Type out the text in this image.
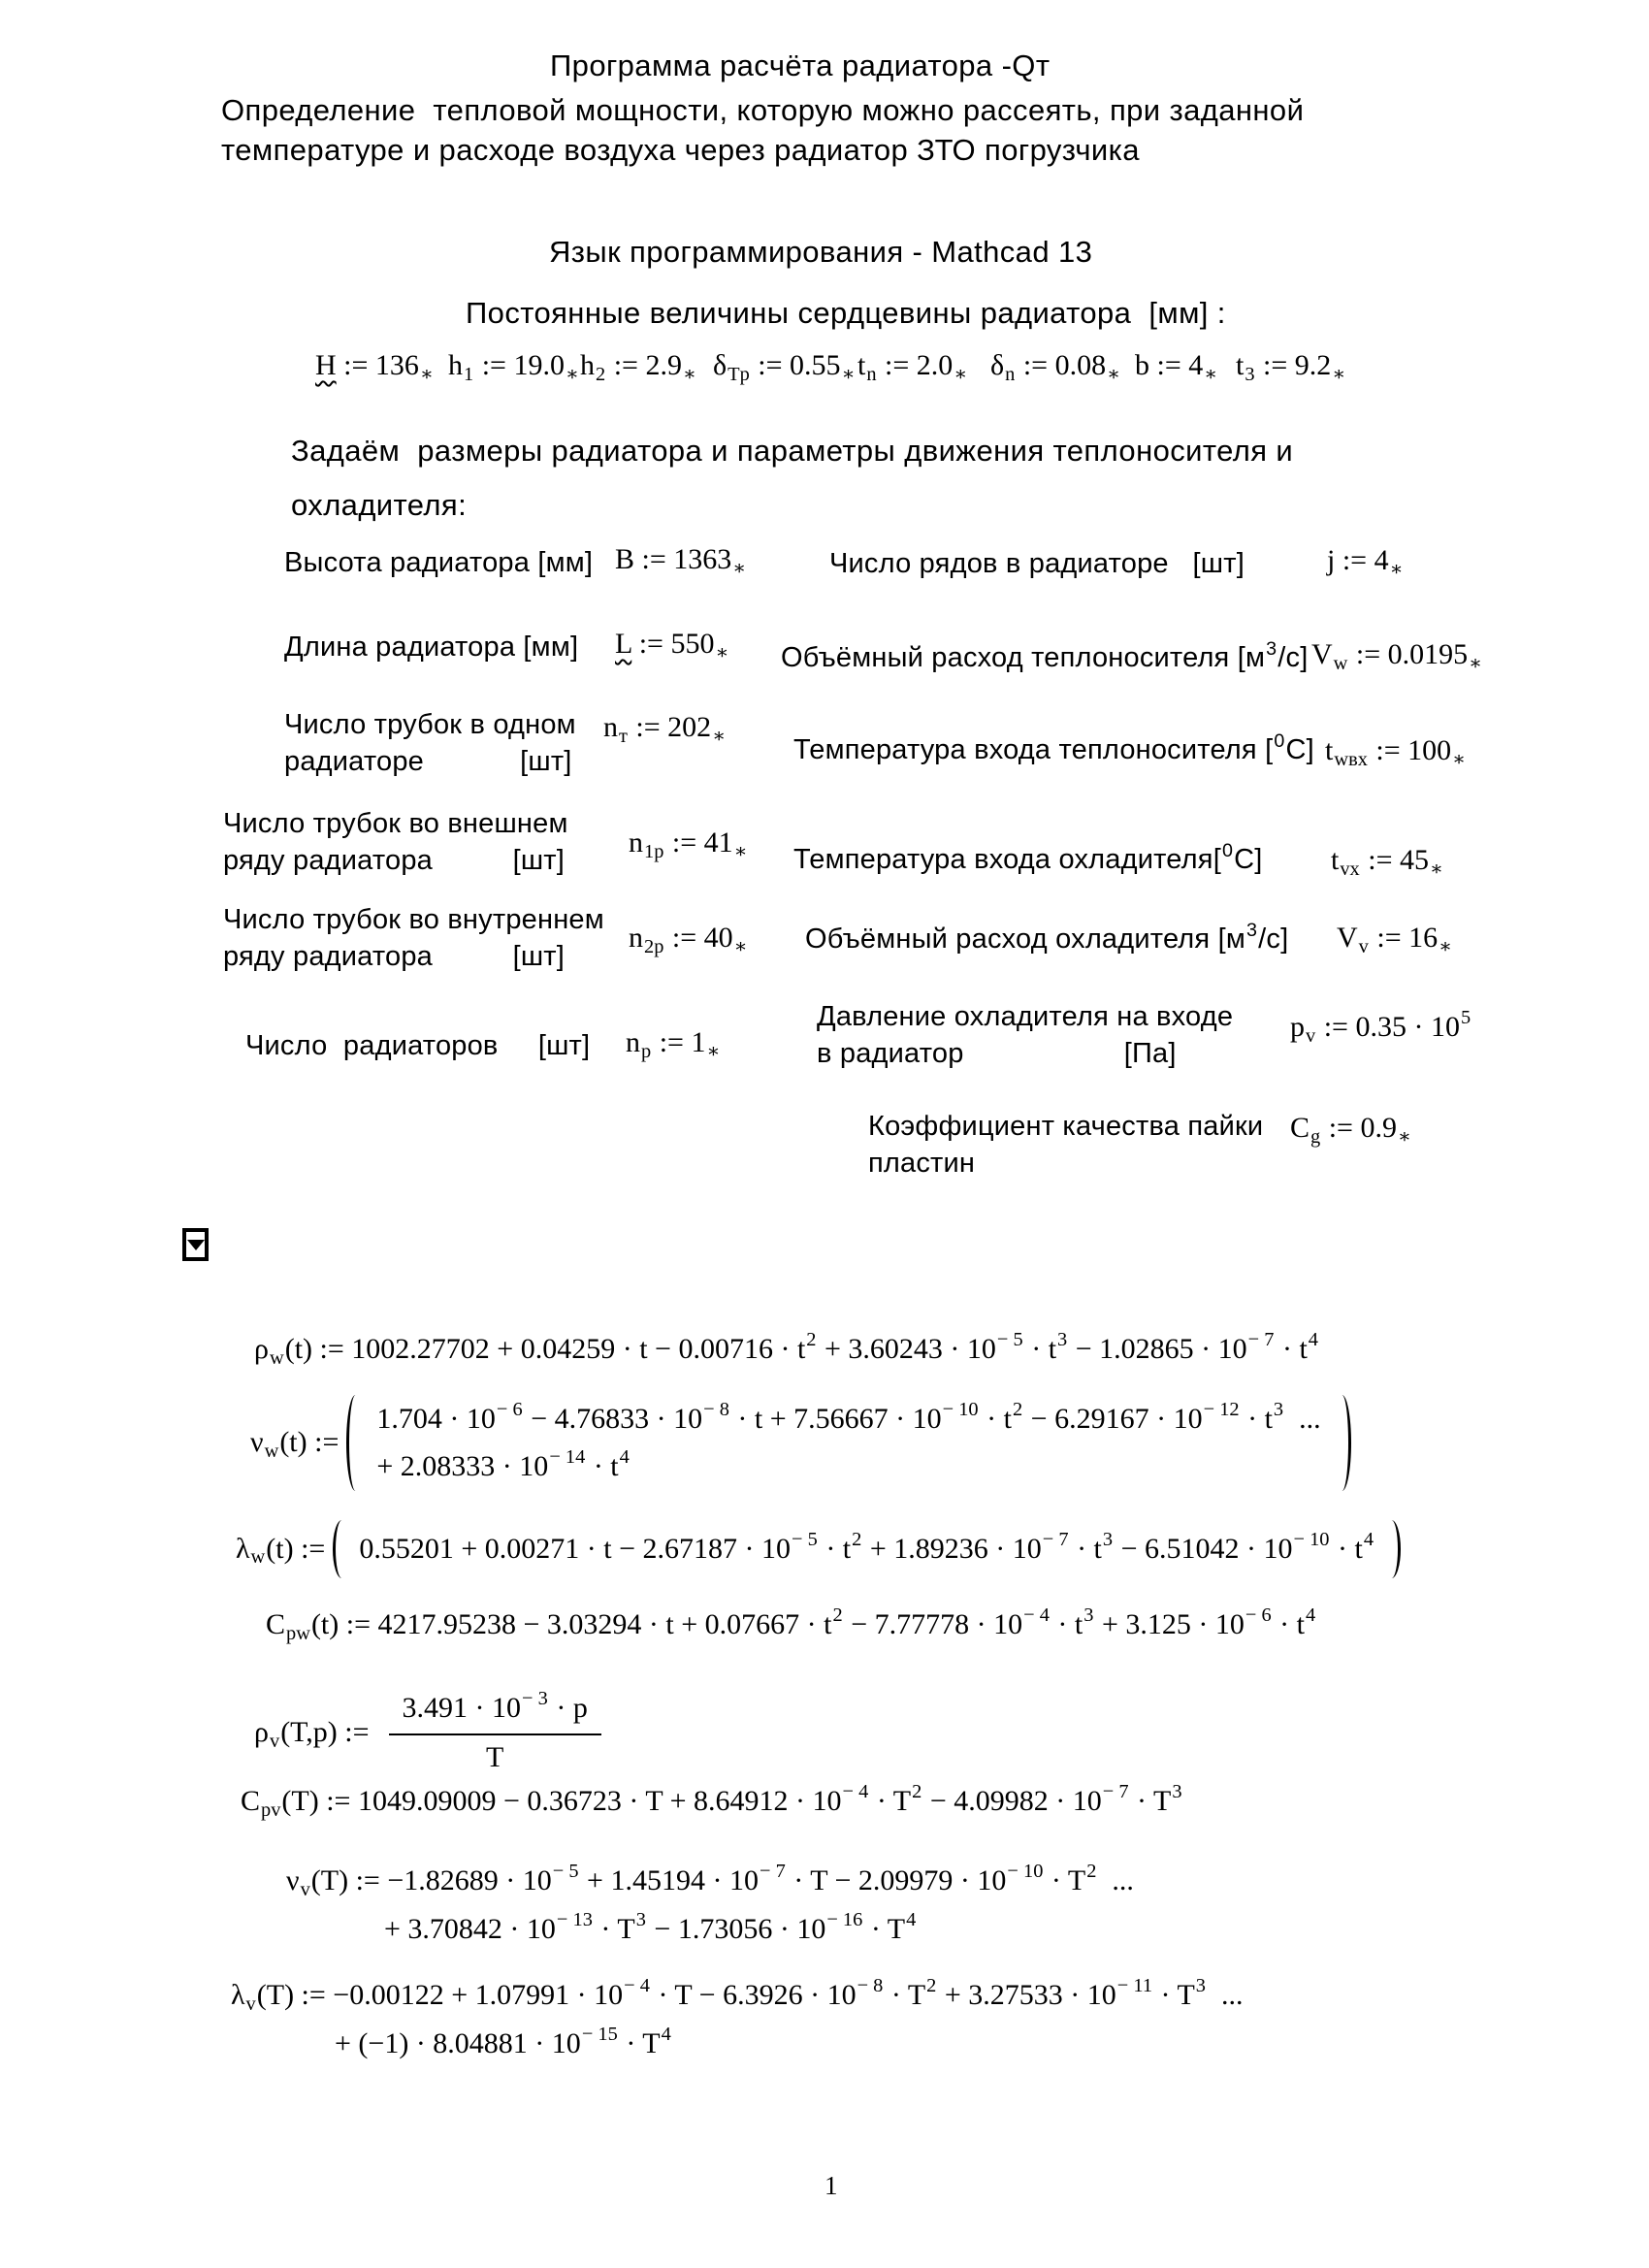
Программа расчёта радиатора -Qт
Определение  тепловой мощности, которую можно рассеять, при заданной
температуре и расходе воздуха через радиатор ЗТО погрузчика
Язык программирования - Mathcad 13
Постоянные величины сердцевины радиатора  [мм] :
H := $136_∗$ $h_1$ := $19.0_∗$ $h_2$ := $2.9_∗$ $\delta_{Tp}$ := $0.55_∗$ $t_n$ := $2.0_∗$ $\delta_n$ := $0.08_∗$ b := $4_∗$ $t_3$ := $9.2_∗$
Задаём  размеры радиатора и параметры движения теплоносителя и
охладителя:
Высота радиатора [мм] B := $1363_∗$
Длина радиатора [мм] L := $550_∗$
Число трубок в одном
радиаторе            [шт]
$n_т$ := $202_∗$
Число трубок во внешнем
ряду радиатора          [шт]
$n_{1р}$ := $41_∗$
Число трубок во внутреннем
ряду радиатора          [шт]
$n_{2р}$ := $40_∗$
Число  радиаторов     [шт] $n_р$ := $1_∗$
Число рядов в радиаторе   [шт]	j := $4_∗$
Объёмный расход теплоносителя $[м^3/с]$ $V_w$ := $0.0195_∗$
Температура входа теплоносителя [$^0$С] $t_{wвх}$ := $100_∗$
Температура входа охладителя[$^0$С] $t_{vx}$ := $45_∗$
Объёмный расход охладителя $[м^3/с]$ $V_v$ := $16_∗$
Давление охладителя на входе
в радиатор                    [Па]
$p_v$ := $0.35 \cdot 10^5$
Коэффициент качества пайки
пластин
$C_g$ := $0.9_∗$
$\rho_w(t)$ := $1002.27702 + 0.04259 \cdot t - 0.00716 \cdot t^2 + 3.60243 \cdot 10^{- 5} \cdot t^3 - 1.02865 \cdot 10^{- 7} \cdot t^4$
$\nu_w(t)$ :=
$1.704 \cdot 10^{- 6} - 4.76833 \cdot 10^{- 8} \cdot t + 7.56667 \cdot 10^{- 10} \cdot t^2 - 6.29167 \cdot 10^{- 12} \cdot t^3$  ...
+ $2.08333 \cdot 10^{- 14} \cdot t^4$
$\lambda_w(t)$ := $0.55201 + 0.00271 \cdot t - 2.67187 \cdot 10^{- 5} \cdot t^2 + 1.89236 \cdot 10^{- 7} \cdot t^3 - 6.51042 \cdot 10^{- 10} \cdot t^4$
$C_{pw}(t)$ := $4217.95238 - 3.03294 \cdot t + 0.07667 \cdot t^2 - 7.77778 \cdot 10^{- 4} \cdot t^3 + 3.125 \cdot 10^{- 6} \cdot t^4$
$\rho_v(T,p)$ := $\frac{3.491 \cdot 10^{- 3} \cdot p}{T}$
$C_{pv}(T)$ := $1049.09009 - 0.36723 \cdot T + 8.64912 \cdot 10^{- 4} \cdot T^2 - 4.09982 \cdot 10^{- 7} \cdot T^3$
$\nu_v(T)$ := $-1.82689 \cdot 10^{- 5} + 1.45194 \cdot 10^{- 7} \cdot T - 2.09979 \cdot 10^{- 10} \cdot T^2$  ...
+ $3.70842 \cdot 10^{- 13} \cdot T^3 - 1.73056 \cdot 10^{- 16} \cdot T^4$
$\lambda_v(T)$ := $-0.00122 + 1.07991 \cdot 10^{- 4} \cdot T - 6.3926 \cdot 10^{- 8} \cdot T^2 + 3.27533 \cdot 10^{- 11} \cdot T^3$  ...
+ $(-1) \cdot 8.04881 \cdot 10^{- 15} \cdot T^4$
1
